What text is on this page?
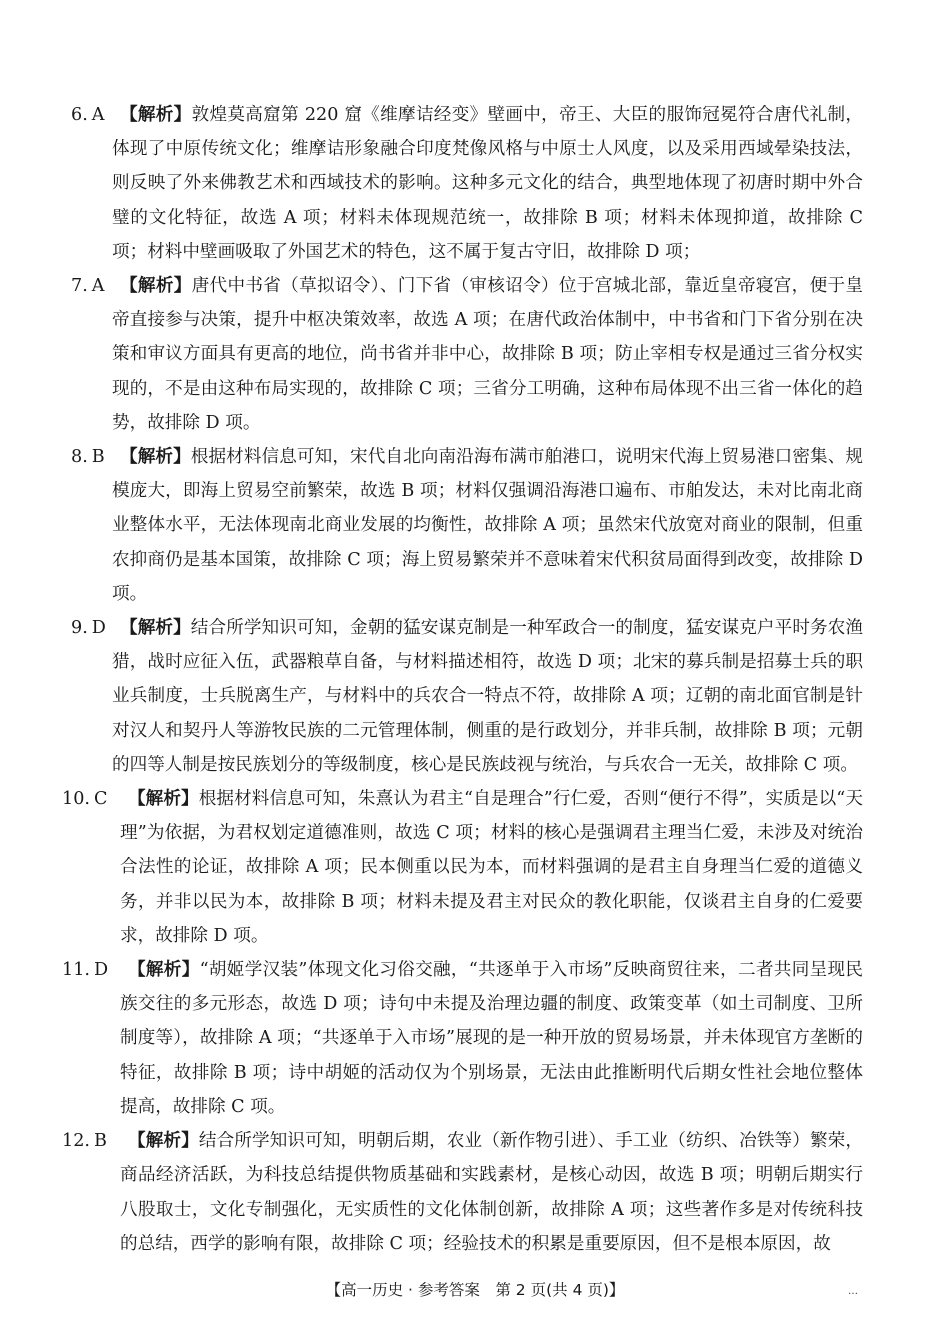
6. A 【解析】敦煌莫高窟第 220 窟《维摩诘经变》壁画中，帝王、大臣的服饰冠冕符合唐代礼制，体现了中原传统文化；维摩诘形象融合印度梵像风格与中原士人风度，以及采用西域晕染技法，则反映了外来佛教艺术和西域技术的影响。这种多元文化的结合，典型地体现了初唐时期中外合璧的文化特征，故选 A 项；材料未体现规范统一，故排除 B 项；材料未体现抑道，故排除 C 项；材料中壁画吸取了外国艺术的特色，这不属于复古守旧，故排除 D 项；
7. A 【解析】唐代中书省（草拟诏令）、门下省（审核诏令）位于宫城北部，靠近皇帝寝宫，便于皇帝直接参与决策，提升中枢决策效率，故选 A 项；在唐代政治体制中，中书省和门下省分别在决策和审议方面具有更高的地位，尚书省并非中心，故排除 B 项；防止宰相专权是通过三省分权实现的，不是由这种布局实现的，故排除 C 项；三省分工明确，这种布局体现不出三省一体化的趋势，故排除 D 项。
8. B 【解析】根据材料信息可知，宋代自北向南沿海布满市舶港口，说明宋代海上贸易港口密集、规模庞大，即海上贸易空前繁荣，故选 B 项；材料仅强调沿海港口遍布、市舶发达，未对比南北商业整体水平，无法体现南北商业发展的均衡性，故排除 A 项；虽然宋代放宽对商业的限制，但重农抑商仍是基本国策，故排除 C 项；海上贸易繁荣并不意味着宋代积贫局面得到改变，故排除 D 项。
9. D 【解析】结合所学知识可知，金朝的猛安谋克制是一种军政合一的制度，猛安谋克户平时务农渔猎，战时应征入伍，武器粮草自备，与材料描述相符，故选 D 项；北宋的募兵制是招募士兵的职业兵制度，士兵脱离生产，与材料中的兵农合一特点不符，故排除 A 项；辽朝的南北面官制是针对汉人和契丹人等游牧民族的二元管理体制，侧重的是行政划分，并非兵制，故排除 B 项；元朝的四等人制是按民族划分的等级制度，核心是民族歧视与统治，与兵农合一无关，故排除 C 项。
10. C 【解析】根据材料信息可知，朱熹认为君主“自是理合”行仁爱，否则“便行不得”，实质是以“天理”为依据，为君权划定道德准则，故选 C 项；材料的核心是强调君主理当仁爱，未涉及对统治合法性的论证，故排除 A 项；民本侧重以民为本，而材料强调的是君主自身理当仁爱的道德义务，并非以民为本，故排除 B 项；材料未提及君主对民众的教化职能，仅谈君主自身的仁爱要求，故排除 D 项。
11. D 【解析】“胡姬学汉装”体现文化习俗交融，“共逐单于入市场”反映商贸往来，二者共同呈现民族交往的多元形态，故选 D 项；诗句中未提及治理边疆的制度、政策变革（如土司制度、卫所制度等），故排除 A 项；“共逐单于入市场”展现的是一种开放的贸易场景，并未体现官方垄断的特征，故排除 B 项；诗中胡姬的活动仅为个别场景，无法由此推断明代后期女性社会地位整体提高，故排除 C 项。
12. B 【解析】结合所学知识可知，明朝后期，农业（新作物引进）、手工业（纺织、冶铁等）繁荣，商品经济活跃，为科技总结提供物质基础和实践素材，是核心动因，故选 B 项；明朝后期实行八股取士，文化专制强化，无实质性的文化体制创新，故排除 A 项；这些著作多是对传统科技的总结，西学的影响有限，故排除 C 项；经验技术的积累是重要原因，但不是根本原因，故
【高一历史 · 参考答案　第 2 页(共 4 页)】	…
